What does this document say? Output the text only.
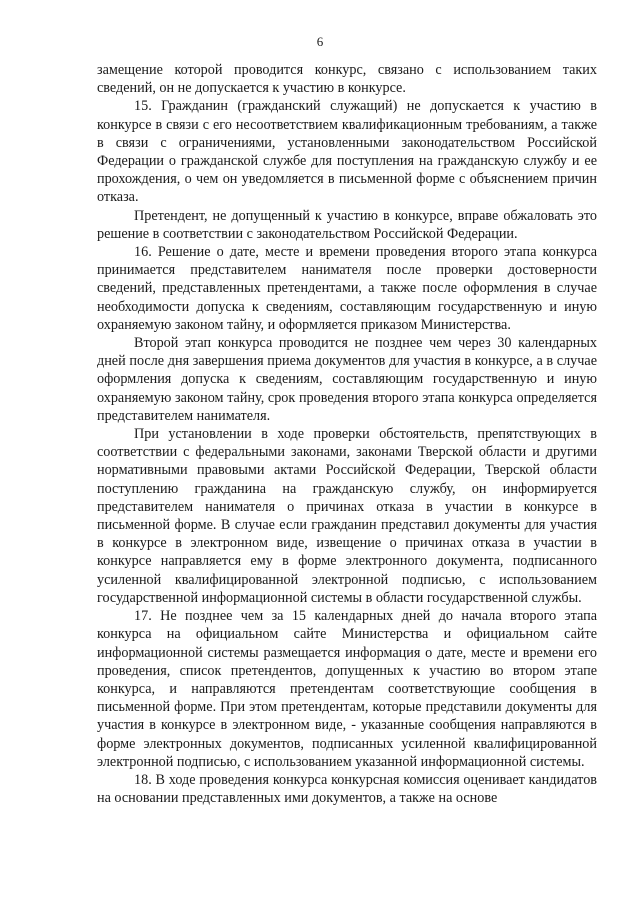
6

замещение которой проводится конкурс, связано с использованием таких сведений, он не допускается к участию в конкурсе.

15. Гражданин (гражданский служащий) не допускается к участию в конкурсе в связи с его несоответствием квалификационным требованиям, а также в связи с ограничениями, установленными законодательством Российской Федерации о гражданской службе для поступления на гражданскую службу и ее прохождения, о чем он уведомляется в письменной форме с объяснением причин отказа.

Претендент, не допущенный к участию в конкурсе, вправе обжаловать это решение в соответствии с законодательством Российской Федерации.

16. Решение о дате, месте и времени проведения второго этапа конкурса принимается представителем нанимателя после проверки достоверности сведений, представленных претендентами, а также после оформления в случае необходимости допуска к сведениям, составляющим государственную и иную охраняемую законом тайну, и оформляется приказом Министерства.

Второй этап конкурса проводится не позднее чем через 30 календарных дней после дня завершения приема документов для участия в конкурсе, а в случае оформления допуска к сведениям, составляющим государственную и иную охраняемую законом тайну, срок проведения второго этапа конкурса определяется представителем нанимателя.

При установлении в ходе проверки обстоятельств, препятствующих в соответствии с федеральными законами, законами Тверской области и другими нормативными правовыми актами Российской Федерации, Тверской области поступлению гражданина на гражданскую службу, он информируется представителем нанимателя о причинах отказа в участии в конкурсе в письменной форме. В случае если гражданин представил документы для участия в конкурсе в электронном виде, извещение о причинах отказа в участии в конкурсе направляется ему в форме электронного документа, подписанного усиленной квалифицированной электронной подписью, с использованием государственной информационной системы в области государственной службы.

17. Не позднее чем за 15 календарных дней до начала второго этапа конкурса на официальном сайте Министерства и официальном сайте информационной системы размещается информация о дате, месте и времени его проведения, список претендентов, допущенных к участию во втором этапе конкурса, и направляются претендентам соответствующие сообщения в письменной форме. При этом претендентам, которые представили документы для участия в конкурсе в электронном виде, - указанные сообщения направляются в форме электронных документов, подписанных усиленной квалифицированной электронной подписью, с использованием указанной информационной системы.

18. В ходе проведения конкурса конкурсная комиссия оценивает кандидатов на основании представленных ими документов, а также на основе
